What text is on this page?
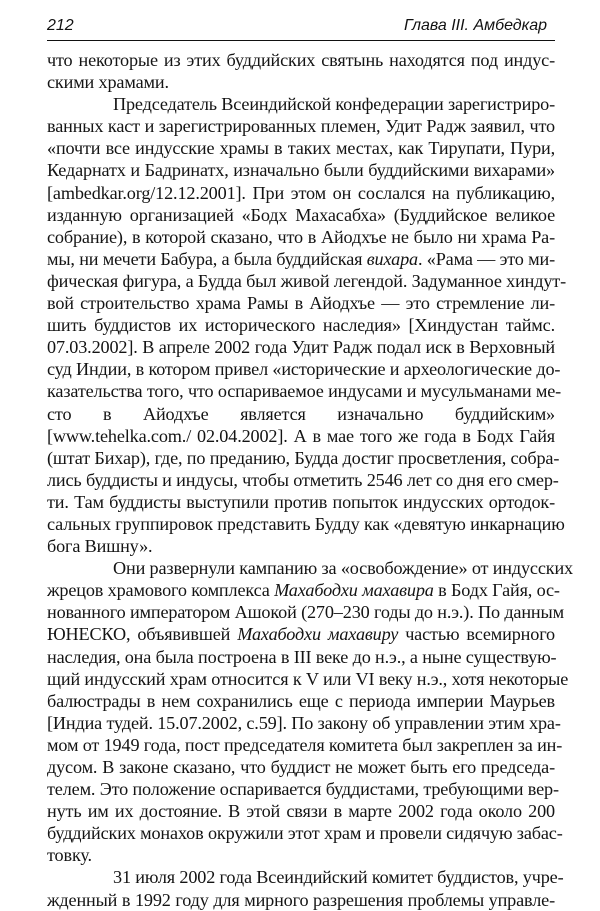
212	Глава III. Амбедкар
что некоторые из этих буддийских святынь находятся под индус-
скими храмами.
Председатель Всеиндийской конфедерации зарегистриро-
ванных каст и зарегистрированных племен, Удит Радж заявил, что
«почти все индусские храмы в таких местах, как Тирупати, Пури,
Кедарнатх и Бадринатх, изначально были буддийскими вихарами»
[ambedkar.org/12.12.2001]. При этом он сослался на публикацию,
изданную организацией «Бодх Махасабха» (Буддийское великое
собрание), в которой сказано, что в Айодхъе не было ни храма Ра-
мы, ни мечети Бабура, а была буддийская вихара. «Рама — это ми-
фическая фигура, а Будда был живой легендой. Задуманное хиндут-
вой строительство храма Рамы в Айодхъе — это стремление ли-
шить буддистов их исторического наследия» [Хиндустан таймс.
07.03.2002]. В апреле 2002 года Удит Радж подал иск в Верховный
суд Индии, в котором привел «исторические и археологические до-
казательства того, что оспариваемое индусами и мусульманами ме-
сто в Айодхъе является изначально буддийским»
[www.tehelka.com./ 02.04.2002]. А в мае того же года в Бодх Гайя
(штат Бихар), где, по преданию, Будда достиг просветления, собра-
лись буддисты и индусы, чтобы отметить 2546 лет со дня его смер-
ти. Там буддисты выступили против попыток индусских ортодок-
сальных группировок представить Будду как «девятую инкарнацию
бога Вишну».
Они развернули кампанию за «освобождение» от индусских
жрецов храмового комплекса Махабодхи махавира в Бодх Гайя, ос-
нованного императором Ашокой (270–230 годы до н.э.). По данным
ЮНЕСКО, объявившей Махабодхи махавиру частью всемирного
наследия, она была построена в III веке до н.э., а ныне существую-
щий индусский храм относится к V или VI веку н.э., хотя некоторые
балюстрады в нем сохранились еще с периода империи Маурьев
[Индиа тудей. 15.07.2002, с.59]. По закону об управлении этим хра-
мом от 1949 года, пост председателя комитета был закреплен за ин-
дусом. В законе сказано, что буддист не может быть его председа-
телем. Это положение оспаривается буддистами, требующими вер-
нуть им их достояние. В этой связи в марте 2002 года около 200
буддийских монахов окружили этот храм и провели сидячую забас-
товку.
31 июля 2002 года Всеиндийский комитет буддистов, учре-
жденный в 1992 году для мирного разрешения проблемы управле-
